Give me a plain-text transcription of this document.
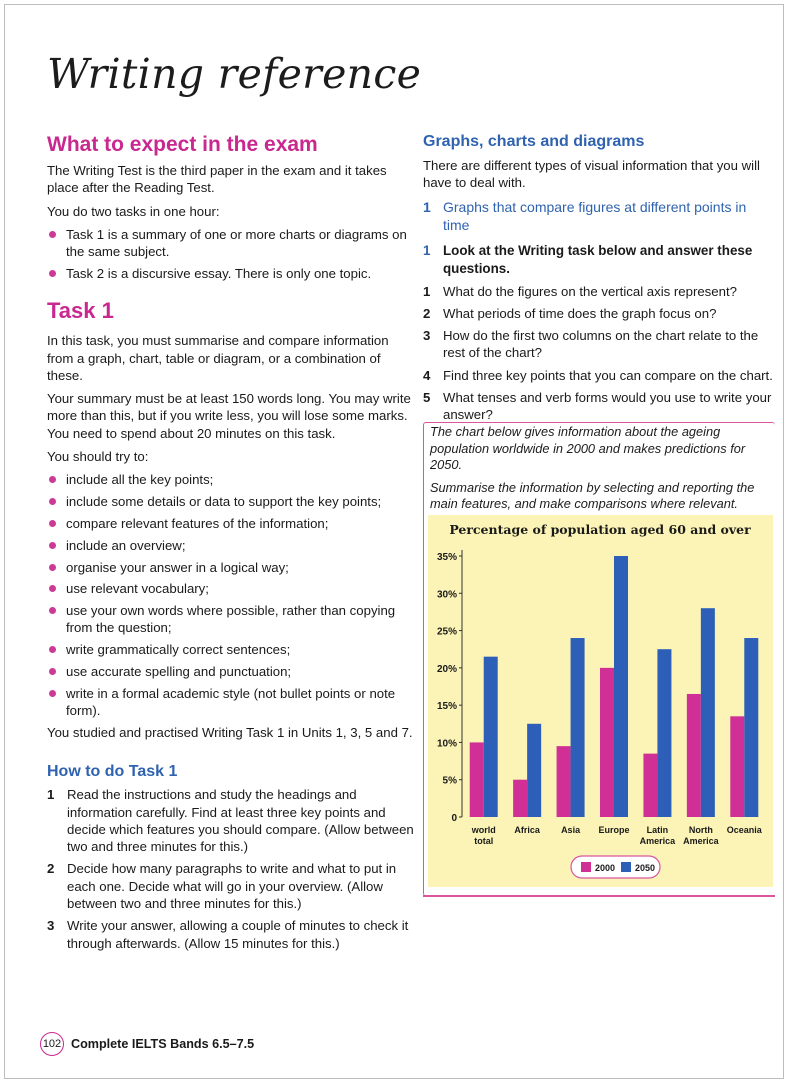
Writing reference
What to expect in the exam

The Writing Test is the third paper in the exam and it takes place after the Reading Test.

You do two tasks in one hour:

Task 1 is a summary of one or more charts or diagrams on the same subject.
Task 2 is a discursive essay. There is only one topic.
Task 1

In this task, you must summarise and compare information from a graph, chart, table or diagram, or a combination of these.

Your summary must be at least 150 words long. You may write more than this, but if you write less, you will lose some marks. You need to spend about 20 minutes on this task.

You should try to:

include all the key points;
include some details or data to support the key points;
compare relevant features of the information;
include an overview;
organise your answer in a logical way;
use relevant vocabulary;
use your own words where possible, rather than copying from the question;
write grammatically correct sentences;
use accurate spelling and punctuation;
write in a formal academic style (not bullet points or note form).

You studied and practised Writing Task 1 in Units 1, 3, 5 and 7.

How to do Task 1
1 Read the instructions and study the headings and information carefully. Find at least three key points and decide which features you should compare. (Allow between two and three minutes for this.)
2 Decide how many paragraphs to write and what to put in each one. Decide what will go in your overview. (Allow between two and three minutes for this.)
3 Write your answer, allowing a couple of minutes to check it through afterwards. (Allow 15 minutes for this.)
Graphs, charts and diagrams

There are different types of visual information that you will have to deal with.

1 Graphs that compare figures at different points in time
1 Look at the Writing task below and answer these questions.
1 What do the figures on the vertical axis represent?
2 What periods of time does the graph focus on?
3 How do the first two columns on the chart relate to the rest of the chart?
4 Find three key points that you can compare on the chart.
5 What tenses and verb forms would you use to write your answer?

The chart below gives information about the ageing population worldwide in 2000 and makes predictions for 2050.

Summarise the information by selecting and reporting the main features, and make comparisons where relevant.

Percentage of population aged 60 and over
0
5%
10%
15%
20%
25%
30%
35%
world
total
Africa Asia Europe Latin
America
North
America
Oceania
2000 2050
102 Complete IELTS Bands 6.5–7.5
